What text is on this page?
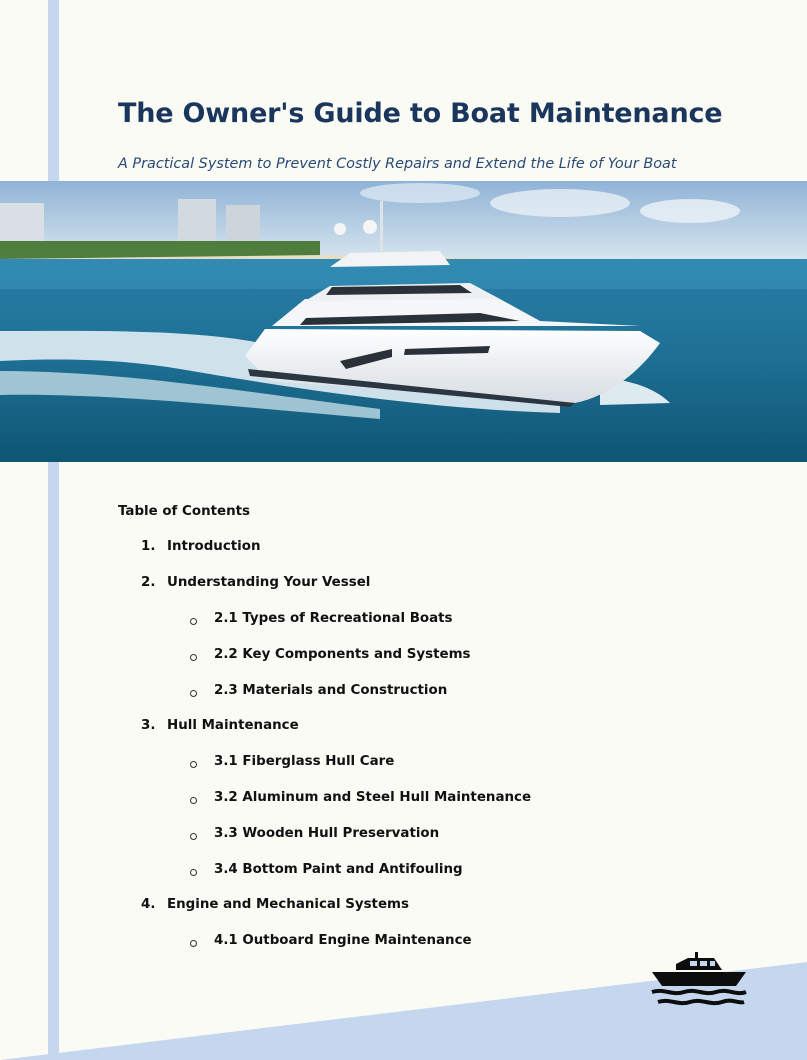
The Owner's Guide to Boat Maintenance

A Practical System to Prevent Costly Repairs and Extend the Life of Your Boat

Table of Contents
1. Introduction
2. Understanding Your Vessel
2.1 Types of Recreational Boats
2.2 Key Components and Systems
2.3 Materials and Construction
3. Hull Maintenance
3.1 Fiberglass Hull Care
3.2 Aluminum and Steel Hull Maintenance
3.3 Wooden Hull Preservation
3.4 Bottom Paint and Antifouling
4. Engine and Mechanical Systems
4.1 Outboard Engine Maintenance
